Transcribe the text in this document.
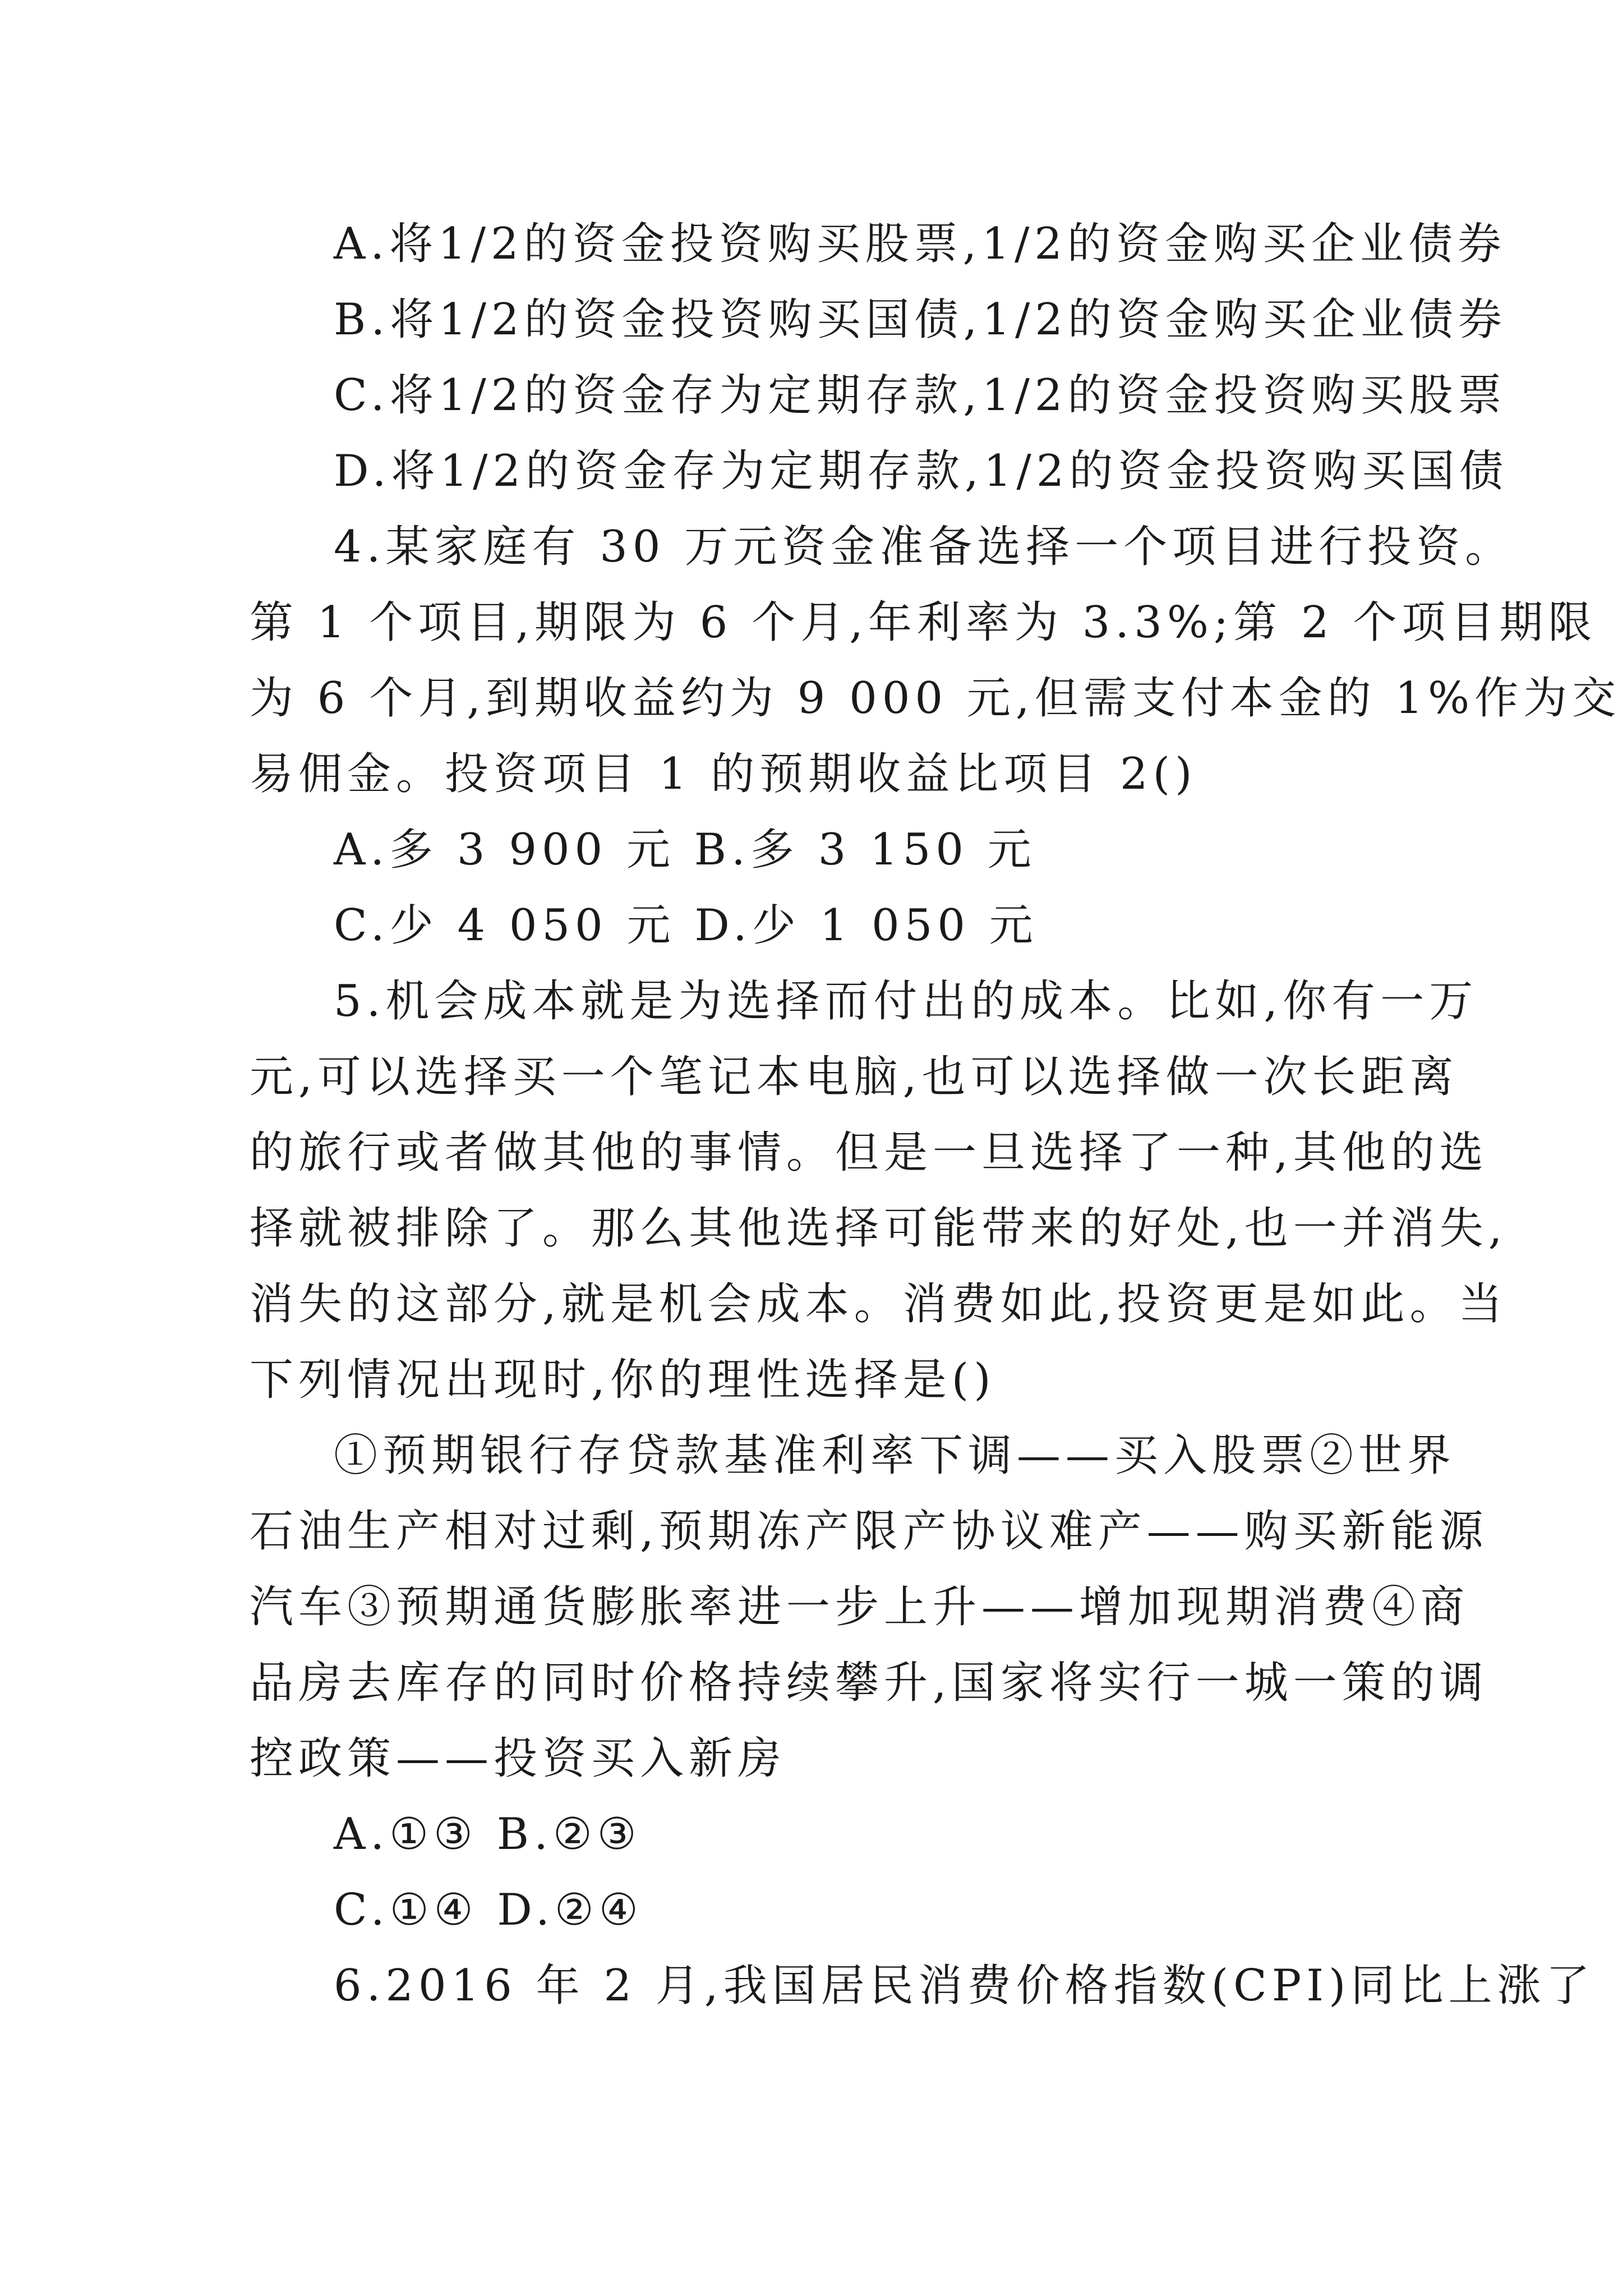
A.将1/2的资金投资购买股票,1/2的资金购买企业债券
B.将1/2的资金投资购买国债,1/2的资金购买企业债券
C.将1/2的资金存为定期存款,1/2的资金投资购买股票
D.将1/2的资金存为定期存款,1/2的资金投资购买国债
4.某家庭有 30 万元资金准备选择一个项目进行投资。
第 1 个项目,期限为 6 个月,年利率为 3.3%;第 2 个项目期限
为 6 个月,到期收益约为 9 000 元,但需支付本金的 1%作为交
易佣金。投资项目 1 的预期收益比项目 2()
A.多 3 900 元 B.多 3 150 元
C.少 4 050 元 D.少 1 050 元
5.机会成本就是为选择而付出的成本。比如,你有一万
元,可以选择买一个笔记本电脑,也可以选择做一次长距离
的旅行或者做其他的事情。但是一旦选择了一种,其他的选
择就被排除了。那么其他选择可能带来的好处,也一并消失,
消失的这部分,就是机会成本。消费如此,投资更是如此。当
下列情况出现时,你的理性选择是()
①预期银行存贷款基准利率下调——买入股票②世界
石油生产相对过剩,预期冻产限产协议难产——购买新能源
汽车③预期通货膨胀率进一步上升——增加现期消费④商
品房去库存的同时价格持续攀升,国家将实行一城一策的调
控政策——投资买入新房
A.①③ B.②③
C.①④ D.②④
6.2016 年 2 月,我国居民消费价格指数(CPI)同比上涨了
